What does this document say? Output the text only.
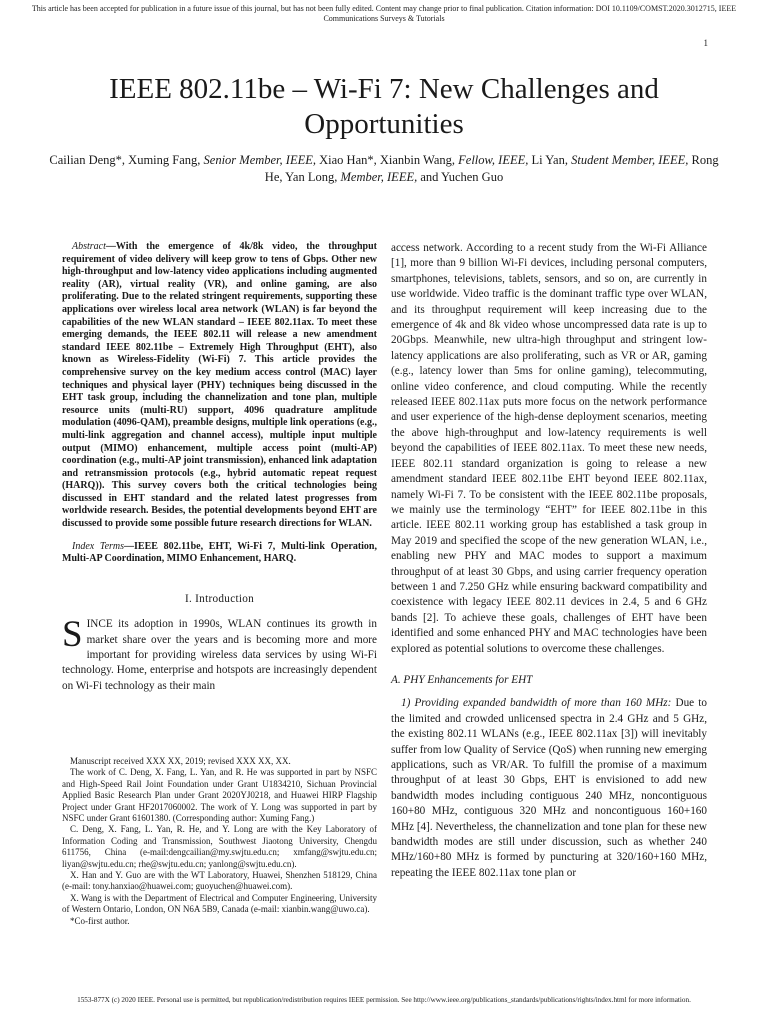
This article has been accepted for publication in a future issue of this journal, but has not been fully edited. Content may change prior to final publication. Citation information: DOI 10.1109/COMST.2020.3012715, IEEE Communications Surveys & Tutorials
1
IEEE 802.11be – Wi-Fi 7: New Challenges and Opportunities
Cailian Deng*, Xuming Fang, Senior Member, IEEE, Xiao Han*, Xianbin Wang, Fellow, IEEE, Li Yan, Student Member, IEEE, Rong He, Yan Long, Member, IEEE, and Yuchen Guo

 Abstract—With the emergence of 4k/8k video, the throughput requirement of video delivery will keep grow to tens of Gbps. Other new high-throughput and low-latency video applications including augmented reality (AR), virtual reality (VR), and online gaming, are also proliferating. Due to the related stringent requirements, supporting these applications over wireless local area network (WLAN) is far beyond the capabilities of the new WLAN standard – IEEE 802.11ax. To meet these emerging demands, the IEEE 802.11 will release a new amendment standard IEEE 802.11be – Extremely High Throughput (EHT), also known as Wireless-Fidelity (Wi-Fi) 7. This article provides the comprehensive survey on the key medium access control (MAC) layer techniques and physical layer (PHY) techniques being discussed in the EHT task group, including the channelization and tone plan, multiple resource units (multi-RU) support, 4096 quadrature amplitude modulation (4096-QAM), preamble designs, multiple link operations (e.g., multi-link aggregation and channel access), multiple input multiple output (MIMO) enhancement, multiple access point (multi-AP) coordination (e.g., multi-AP joint transmission), enhanced link adaptation and retransmission protocols (e.g., hybrid automatic repeat request (HARQ)). This survey covers both the critical technologies being discussed in EHT standard and the related latest progresses from worldwide research. Besides, the potential developments beyond EHT are discussed to provide some possible future research directions for WLAN.

 Index Terms—IEEE 802.11be, EHT, Wi-Fi 7, Multi-link Operation, Multi-AP Coordination, MIMO Enhancement, HARQ.

I. Introduction

SINCE its adoption in 1990s, WLAN continues its growth in market share over the years and is becoming more and more important for providing wireless data services by using Wi-Fi technology. Home, enterprise and hotspots are increasingly dependent on Wi-Fi technology as their main

Manuscript received XXX XX, 2019; revised XXX XX, XX.

The work of C. Deng, X. Fang, L. Yan, and R. He was supported in part by NSFC and High-Speed Rail Joint Foundation under Grant U1834210, Sichuan Provincial Applied Basic Research Plan under Grant 2020YJ0218, and Huawei HIRP Flagship Project under Grant HF2017060002. The work of Y. Long was supported in part by NSFC under Grant 61601380. (Corresponding author: Xuming Fang.)

C. Deng, X. Fang, L. Yan, R. He, and Y. Long are with the Key Laboratory of Information Coding and Transmission, Southwest Jiaotong University, Chengdu 611756, China (e-mail:dengcailian@my.swjtu.edu.cn; xmfang@swjtu.edu.cn; liyan@swjtu.edu.cn; rhe@swjtu.edu.cn; yanlong@swjtu.edu.cn).

X. Han and Y. Guo are with the WT Laboratory, Huawei, Shenzhen 518129, China (e-mail: tony.hanxiao@huawei.com; guoyuchen@huawei.com).

X. Wang is with the Department of Electrical and Computer Engineering, University of Western Ontario, London, ON N6A 5B9, Canada (e-mail: xianbin.wang@uwo.ca).

*Co-first author.

access network. According to a recent study from the Wi-Fi Alliance [1], more than 9 billion Wi-Fi devices, including personal computers, smartphones, televisions, tablets, sensors, and so on, are currently in use worldwide. Video traffic is the dominant traffic type over WLAN, and its throughput requirement will keep increasing due to the emergence of 4k and 8k video whose uncompressed data rate is up to 20Gbps. Meanwhile, new ultra-high throughput and stringent low-latency applications are also proliferating, such as VR or AR, gaming (e.g., latency lower than 5ms for online gaming), telecommuting, online video conference, and cloud computing. While the recently released IEEE 802.11ax puts more focus on the network performance and user experience of the high-dense deployment scenarios, meeting the above high-throughput and low-latency requirements is well beyond the capabilities of IEEE 802.11ax. To meet these new needs, IEEE 802.11 standard organization is going to release a new amendment standard IEEE 802.11be EHT beyond IEEE 802.11ax, namely Wi-Fi 7. To be consistent with the IEEE 802.11be proposals, we mainly use the terminology “EHT” for IEEE 802.11be in this article. IEEE 802.11 working group has established a task group in May 2019 and specified the scope of the new generation WLAN, i.e., enabling new PHY and MAC modes to support a maximum throughput of at least 30 Gbps, and using carrier frequency operation between 1 and 7.250 GHz while ensuring backward compatibility and coexistence with legacy IEEE 802.11 devices in 2.4, 5 and 6 GHz bands [2]. To achieve these goals, challenges of EHT have been identified and some enhanced PHY and MAC technologies have been explored as potential solutions to overcome these challenges.

A. PHY Enhancements for EHT

1) Providing expanded bandwidth of more than 160 MHz: Due to the limited and crowded unlicensed spectra in 2.4 GHz and 5 GHz, the existing 802.11 WLANs (e.g., IEEE 802.11ax [3]) will inevitably suffer from low Quality of Service (QoS) when running new emerging applications, such as VR/AR. To fulfill the promise of a maximum throughput of at least 30 Gbps, EHT is envisioned to add new bandwidth modes including contiguous 240 MHz, noncontiguous 160+80 MHz, contiguous 320 MHz and noncontiguous 160+160 MHz [4]. Nevertheless, the channelization and tone plan for these new bandwidth modes are still under discussion, such as whether 240 MHz/160+80 MHz is formed by puncturing at 320/160+160 MHz, repeating the IEEE 802.11ax tone plan or

1553-877X (c) 2020 IEEE. Personal use is permitted, but republication/redistribution requires IEEE permission. See http://www.ieee.org/publications_standards/publications/rights/index.html for more information.
